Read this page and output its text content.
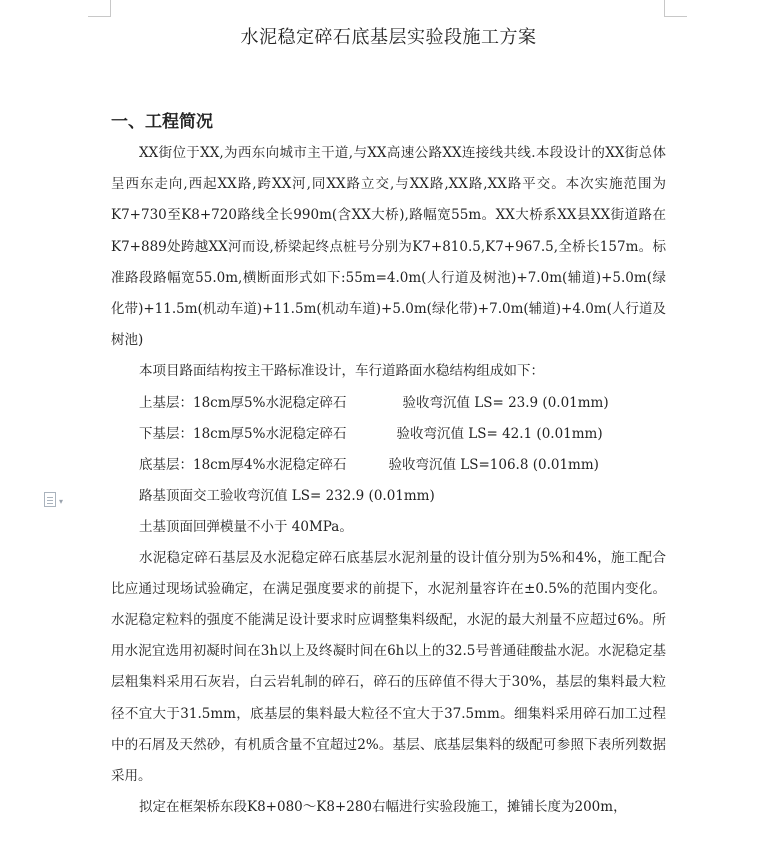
▾

水泥稳定碎石底基层实验段施工方案

一、工程简况

XX街位于XX,为西东向城市主干道,与XX高速公路XX连接线共线.本段设计的XX街总体呈西东走向,西起XX路,跨XX河,同XX路立交,与XX路,XX路,XX路平交。本次实施范围为K7+730至K8+720路线全长990m(含XX大桥),路幅宽55m。XX大桥系XX县XX街道路在K7+889处跨越XX河而设,桥梁起终点桩号分别为K7+810.5,K7+967.5,全桥长157m。标准路段路幅宽55.0m,横断面形式如下:55m=4.0m(人行道及树池)+7.0m(辅道)+5.0m(绿化带)+11.5m(机动车道)+11.5m(机动车道)+5.0m(绿化带)+7.0m(辅道)+4.0m(人行道及树池)

本项目路面结构按主干路标准设计，车行道路面水稳结构组成如下：

上基层：18cm厚5%水泥稳定碎石	验收弯沉值 LS= 23.9 (0.01mm)
下基层：18cm厚5%水泥稳定碎石	验收弯沉值 LS= 42.1 (0.01mm)
底基层：18cm厚4%水泥稳定碎石	验收弯沉值 LS=106.8 (0.01mm)
路基顶面交工验收弯沉值 LS= 232.9 (0.01mm)
土基顶面回弹模量不小于 40MPa。

水泥稳定碎石基层及水泥稳定碎石底基层水泥剂量的设计值分别为5%和4%，施工配合比应通过现场试验确定，在满足强度要求的前提下，水泥剂量容许在±0.5%的范围内变化。水泥稳定粒料的强度不能满足设计要求时应调整集料级配，水泥的最大剂量不应超过6%。所用水泥宜选用初凝时间在3h以上及终凝时间在6h以上的32.5号普通硅酸盐水泥。水泥稳定基层粗集料采用石灰岩，白云岩轧制的碎石，碎石的压碎值不得大于30%，基层的集料最大粒径不宜大于31.5mm，底基层的集料最大粒径不宜大于37.5mm。细集料采用碎石加工过程中的石屑及天然砂，有机质含量不宜超过2%。基层、底基层集料的级配可参照下表所列数据采用。

拟定在框架桥东段K8+080～K8+280右幅进行实验段施工，摊铺长度为200m，
